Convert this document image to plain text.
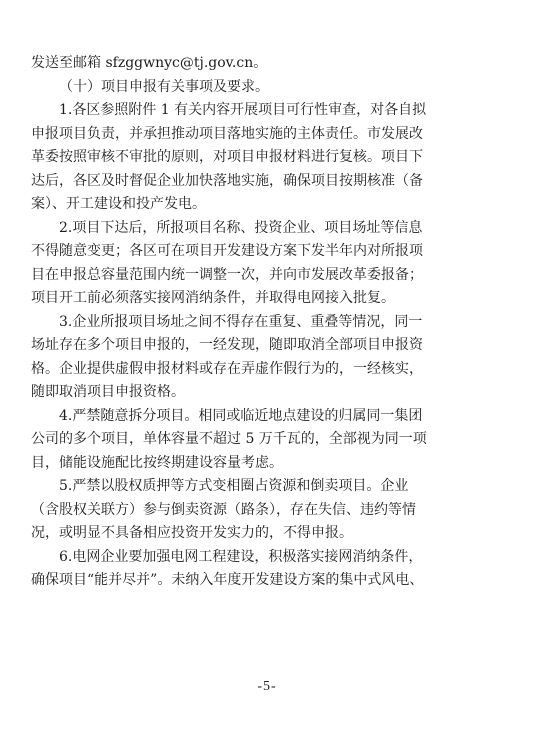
发送至邮箱 sfzggwnyc@tj.gov.cn。
（十）项目申报有关事项及要求。
1.各区参照附件 1 有关内容开展项目可行性审查，对各自拟
申报项目负责，并承担推动项目落地实施的主体责任。市发展改
革委按照审核不审批的原则，对项目申报材料进行复核。项目下
达后，各区及时督促企业加快落地实施，确保项目按期核准（备
案）、开工建设和投产发电。
2.项目下达后，所报项目名称、投资企业、项目场址等信息
不得随意变更；各区可在项目开发建设方案下发半年内对所报项
目在申报总容量范围内统一调整一次，并向市发展改革委报备；
项目开工前必须落实接网消纳条件，并取得电网接入批复。
3.企业所报项目场址之间不得存在重复、重叠等情况，同一
场址存在多个项目申报的，一经发现，随即取消全部项目申报资
格。企业提供虚假申报材料或存在弄虚作假行为的，一经核实，
随即取消项目申报资格。
4.严禁随意拆分项目。相同或临近地点建设的归属同一集团
公司的多个项目，单体容量不超过 5 万千瓦的，全部视为同一项
目，储能设施配比按终期建设容量考虑。
5.严禁以股权质押等方式变相圈占资源和倒卖项目。企业
（含股权关联方）参与倒卖资源（路条），存在失信、违约等情
况，或明显不具备相应投资开发实力的，不得申报。
6.电网企业要加强电网工程建设，积极落实接网消纳条件，
确保项目“能并尽并”。未纳入年度开发建设方案的集中式风电、
-5-
